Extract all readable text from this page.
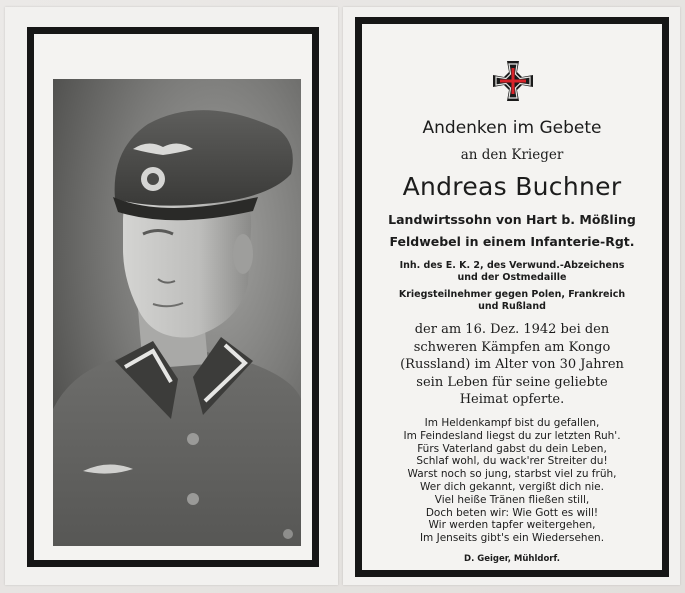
Andenken im Gebete
an den Krieger
Andreas Buchner
Landwirtssohn von Hart b. Mößling
Feldwebel in einem Infanterie-Rgt.
Inh. des E. K. 2, des Verwund.-Abzeichens
und der Ostmedaille
Kriegsteilnehmer gegen Polen, Frankreich
und Rußland
der am 16. Dez. 1942 bei den
schweren Kämpfen am Kongo
(Russland) im Alter von 30 Jahren
sein Leben für seine geliebte
Heimat opferte.
Im Heldenkampf bist du gefallen,
Im Feindesland liegst du zur letzten Ruh'.
Fürs Vaterland gabst du dein Leben,
Schlaf wohl, du wack'rer Streiter du!
Warst noch so jung, starbst viel zu früh,
Wer dich gekannt, vergißt dich nie.
Viel heiße Tränen fließen still,
Doch beten wir: Wie Gott es will!
Wir werden tapfer weitergehen,
Im Jenseits gibt's ein Wiedersehen.
D. Geiger, Mühldorf.
